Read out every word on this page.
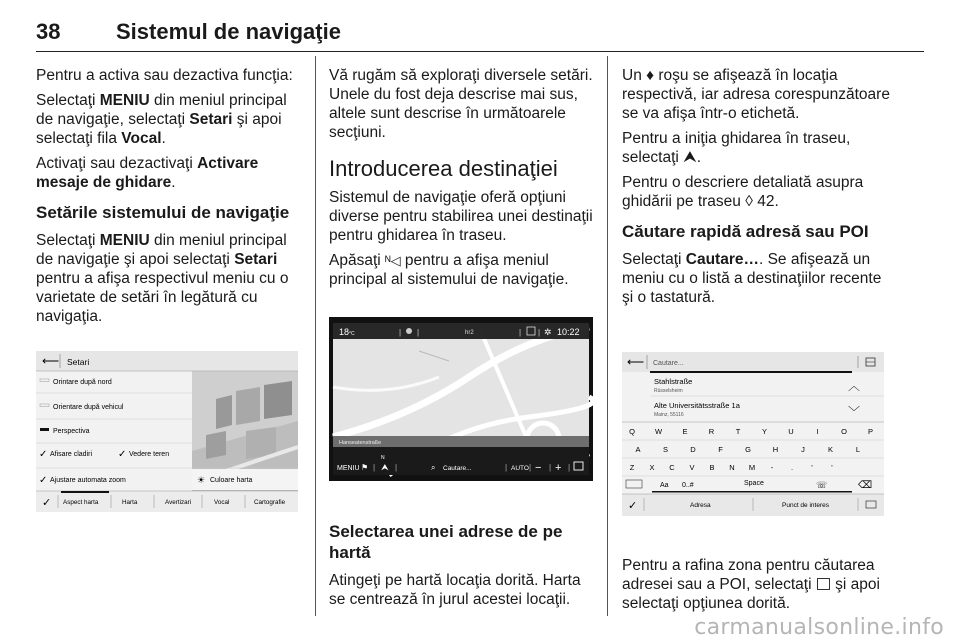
38	Sistemul de navigaţie

Pentru a activa sau dezactiva funcţia:

Selectaţi MENIU din meniul principal de navigaţie, selectaţi Setari şi apoi selectaţi fila Vocal.

Activaţi sau dezactivaţi Activare mesaje de ghidare.

Setările sistemului de navigaţie

Selectaţi MENIU din meniul principal de navigaţie şi apoi selectaţi Setari pentru a afişa respectivul meniu cu o varietate de setări în legătură cu navigaţia.

⟵ Setari
Orintare după nord
Orientare după vehicul
Perspectiva
✓ Afisare cladiri	✓ Vedere teren
✓ Ajustare automata zoom	☀ Culoare harta
✓ Aspect harta	Harta	Avertizari	Vocal	Cartografie

Vă rugăm să exploraţi diversele setări. Unele du fost deja descrise mai sus, altele sunt descrise în următoarele secţiuni.

Introducerea destinaţiei

Sistemul de navigaţie oferă opţiuni diverse pentru stabilirea unei destinaţii pentru ghidarea în traseu.

Apăsaţi ᴺ◁ pentru a afişa meniul principal al sistemului de navigaţie.

18°C	| |	hr2	| | ✲ 10:22
Hanseatenstraße
MENIU ⚑ | ⮝
N
|	⌕ Cautare...	| AUTO | − | + |
Selectarea unei adrese de pe hartă

Atingeţi pe hartă locaţia dorită. Harta se centrează în jurul acestei locaţii.

Un ♦ roşu se afişează în locaţia respectivă, iar adresa corespunzătoare se va afişa într-o etichetă.

Pentru a iniţia ghidarea în traseu, selectaţi ⮝.

Pentru o descriere detaliată asupra ghidării pe traseu ◊ 42.

Căutare rapidă adresă sau POI

Selectaţi Cautare…. Se afişează un meniu cu o listă a destinaţiilor recente şi o tastatură.

⟵ Cautare...
Stahlstraße
Rüsselsheim	︿
Alte Universitätsstraße 1a
Mainz, 55116	﹀
Q	W	E	R	T	Y	U	I	O	P
A	S	D	F	G	H	J	K	L
Z X C V B N M - . ' '
Aa 0..#	Space	☏	⌫
✓	Adresa	Punct de interes

Pentru a rafina zona pentru căutarea adresei sau a POI, selectaţi  şi apoi selectaţi opţiunea dorită.

carmanualsonline.info
